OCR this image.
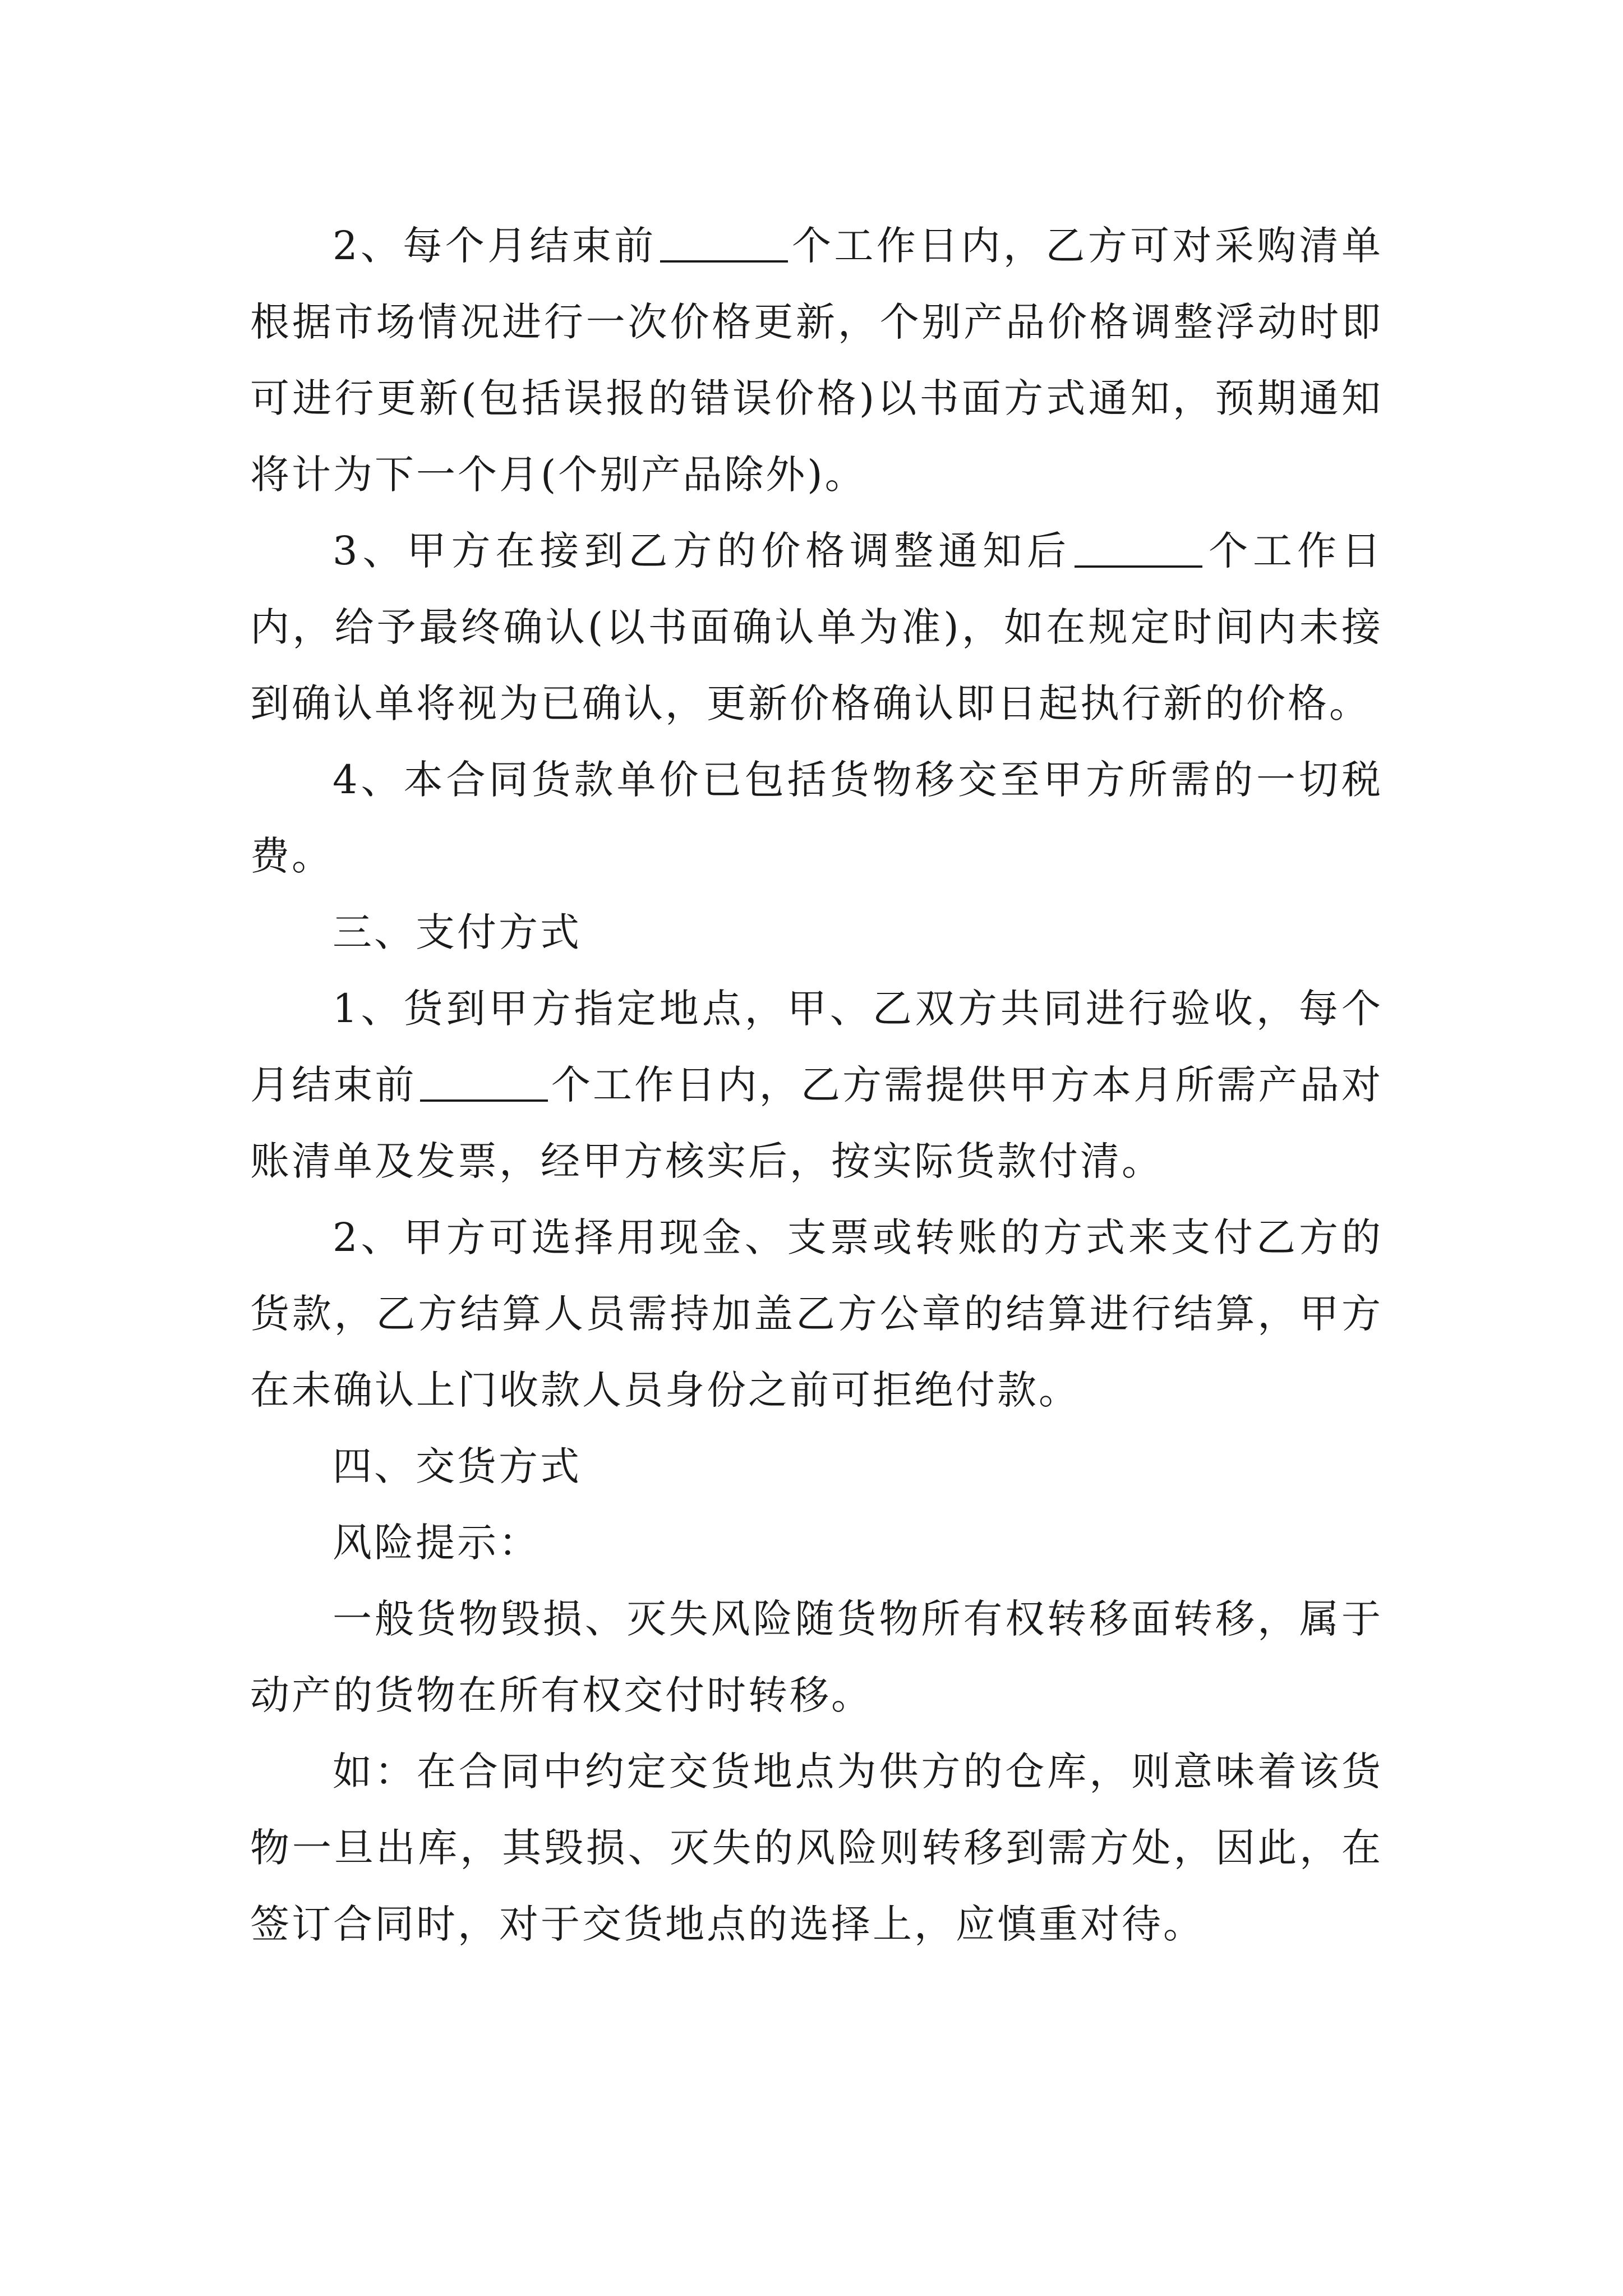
2、每个月结束前	个工作日内，乙方可对采购清单根据市场情况进行一次价格更新，个别产品价格调整浮动时即可进行更新(包括误报的错误价格)以书面方式通知，预期通知将计为下一个月(个别产品除外)。

3、甲方在接到乙方的价格调整通知后	个工作日内，给予最终确认(以书面确认单为准)，如在规定时间内未接到确认单将视为已确认，更新价格确认即日起执行新的价格。

4、本合同货款单价已包括货物移交至甲方所需的一切税费。

三、支付方式

1、货到甲方指定地点，甲、乙双方共同进行验收，每个月结束前	个工作日内，乙方需提供甲方本月所需产品对账清单及发票，经甲方核实后，按实际货款付清。

2、甲方可选择用现金、支票或转账的方式来支付乙方的货款，乙方结算人员需持加盖乙方公章的结算进行结算，甲方在未确认上门收款人员身份之前可拒绝付款。

四、交货方式

风险提示：

一般货物毁损、灭失风险随货物所有权转移面转移，属于动产的货物在所有权交付时转移。

如：在合同中约定交货地点为供方的仓库，则意味着该货物一旦出库，其毁损、灭失的风险则转移到需方处，因此，在签订合同时，对于交货地点的选择上，应慎重对待。
